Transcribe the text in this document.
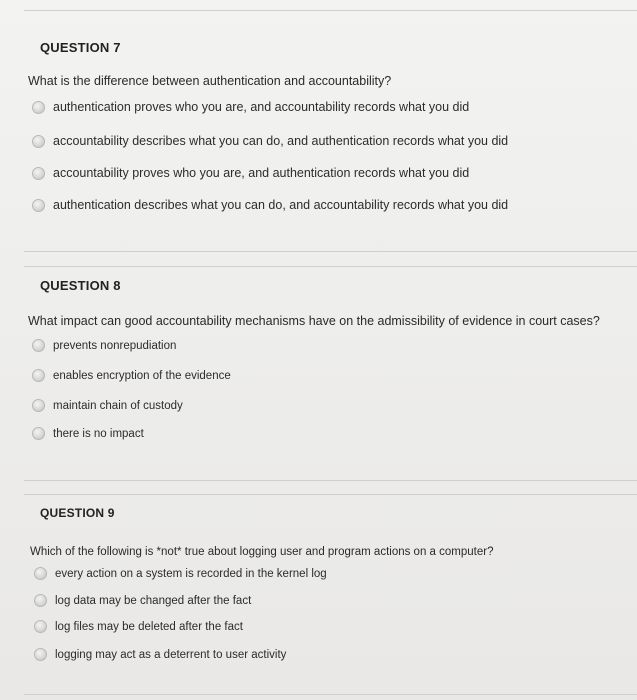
QUESTION 7
What is the difference between authentication and accountability?
authentication proves who you are, and accountability records what you did
accountability describes what you can do, and authentication records what you did
accountability proves who you are, and authentication records what you did
authentication describes what you can do, and accountability records what you did
QUESTION 8
What impact can good accountability mechanisms have on the admissibility of evidence in court cases?
prevents nonrepudiation
enables encryption of the evidence
maintain chain of custody
there is no impact
QUESTION 9
Which of the following is *not* true about logging user and program actions on a computer?
every action on a system is recorded in the kernel log
log data may be changed after the fact
log files may be deleted after the fact
logging may act as a deterrent to user activity
